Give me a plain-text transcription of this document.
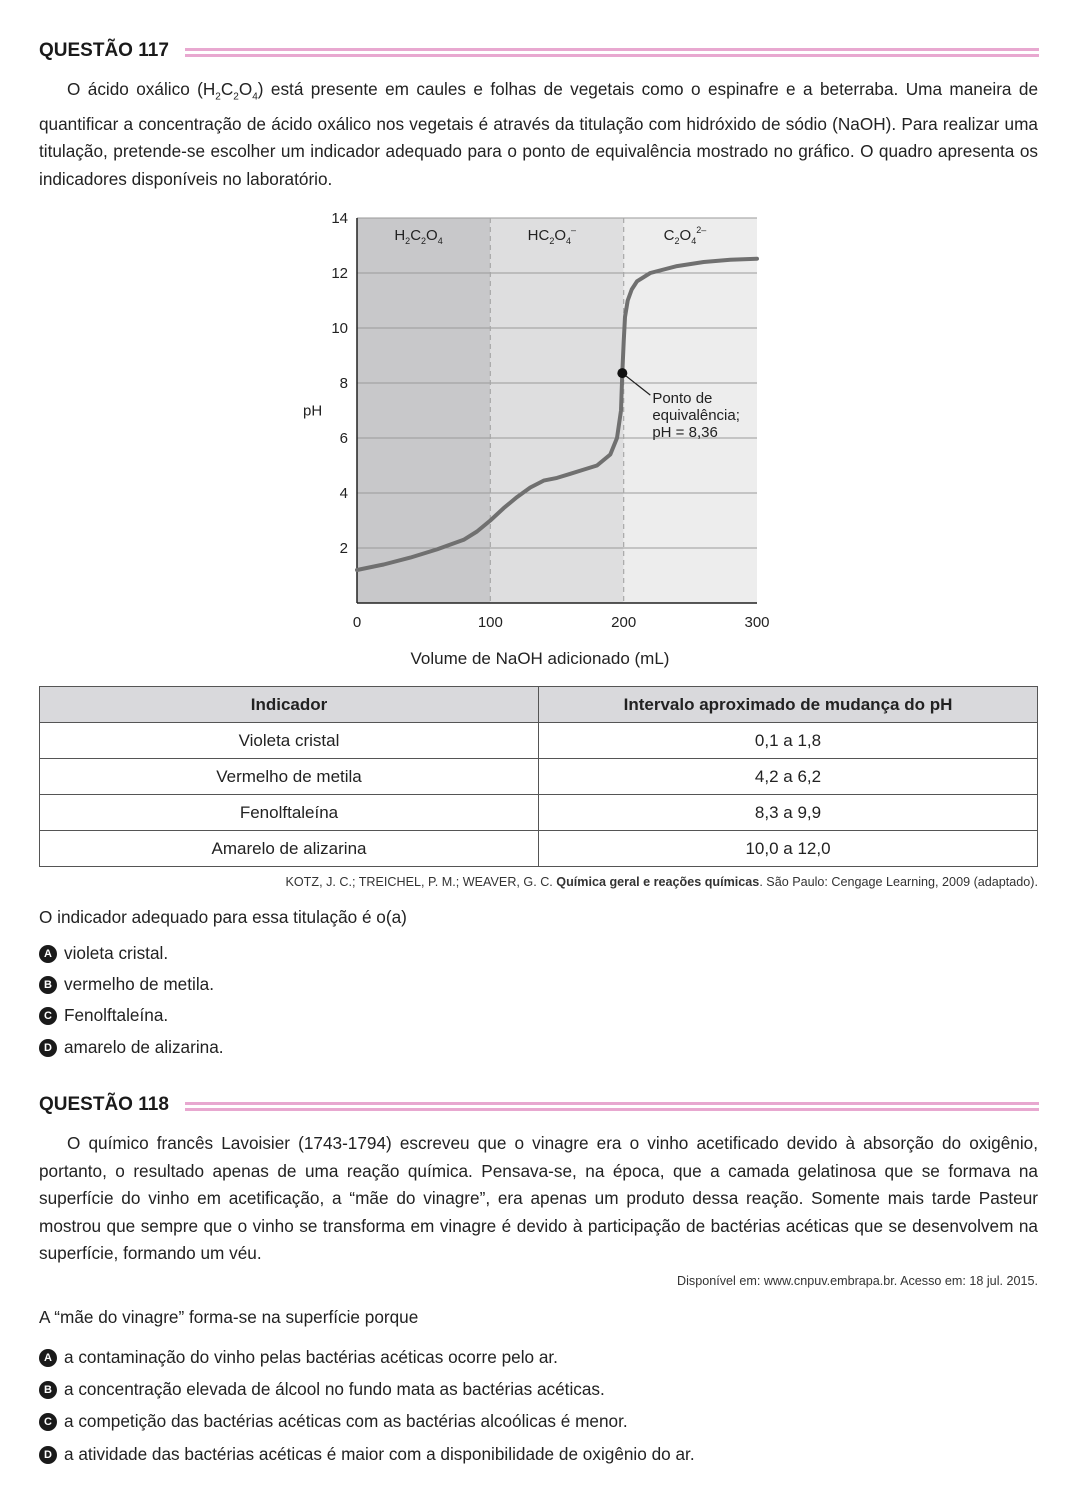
QUESTÃO 117

O ácido oxálico $(H_2C_2O_4)$ está presente em caules e folhas de vegetais como o espinafre e a beterraba. Uma maneira de quantificar a concentração de ácido oxálico nos vegetais é através da titulação com hidróxido de sódio (NaOH). Para realizar uma titulação, pretende-se escolher um indicador adequado para o ponto de equivalência mostrado no gráfico. O quadro apresenta os indicadores disponíveis no laboratório.

2
4
6
8
10
12
14
0	100	200	300
Ponto de
equivalência;
pH = 8,36
pH
$H_2C_2O_4$	$HC_2O_4^-$	$C_2O_4^{2-}$
Volume de NaOH adicionado (mL)
Indicador	Intervalo aproximado de mudança do pH
Violeta cristal	0,1 a 1,8
Vermelho de metila	4,2 a 6,2
Fenolftaleína	8,3 a 9,9
Amarelo de alizarina	10,0 a 12,0
KOTZ, J. C.; TREICHEL, P. M.; WEAVER, G. C. Química geral e reações químicas. São Paulo: Cengage Learning, 2009 (adaptado).
O indicador adequado para essa titulação é o(a)
A violeta cristal.
B vermelho de metila.
C Fenolftaleína.
D amarelo de alizarina.
QUESTÃO 118

O químico francês Lavoisier (1743-1794) escreveu que o vinagre era o vinho acetificado devido à absorção do oxigênio, portanto, o resultado apenas de uma reação química. Pensava-se, na época, que a camada gelatinosa que se formava na superfície do vinho em acetificação, a “mãe do vinagre”, era apenas um produto dessa reação. Somente mais tarde Pasteur mostrou que sempre que o vinho se transforma em vinagre é devido à participação de bactérias acéticas que se desenvolvem na superfície, formando um véu.

Disponível em: www.cnpuv.embrapa.br. Acesso em: 18 jul. 2015.
A “mãe do vinagre” forma-se na superfície porque
A a contaminação do vinho pelas bactérias acéticas ocorre pelo ar.
B a concentração elevada de álcool no fundo mata as bactérias acéticas.
C a competição das bactérias acéticas com as bactérias alcoólicas é menor.
D a atividade das bactérias acéticas é maior com a disponibilidade de oxigênio do ar.
